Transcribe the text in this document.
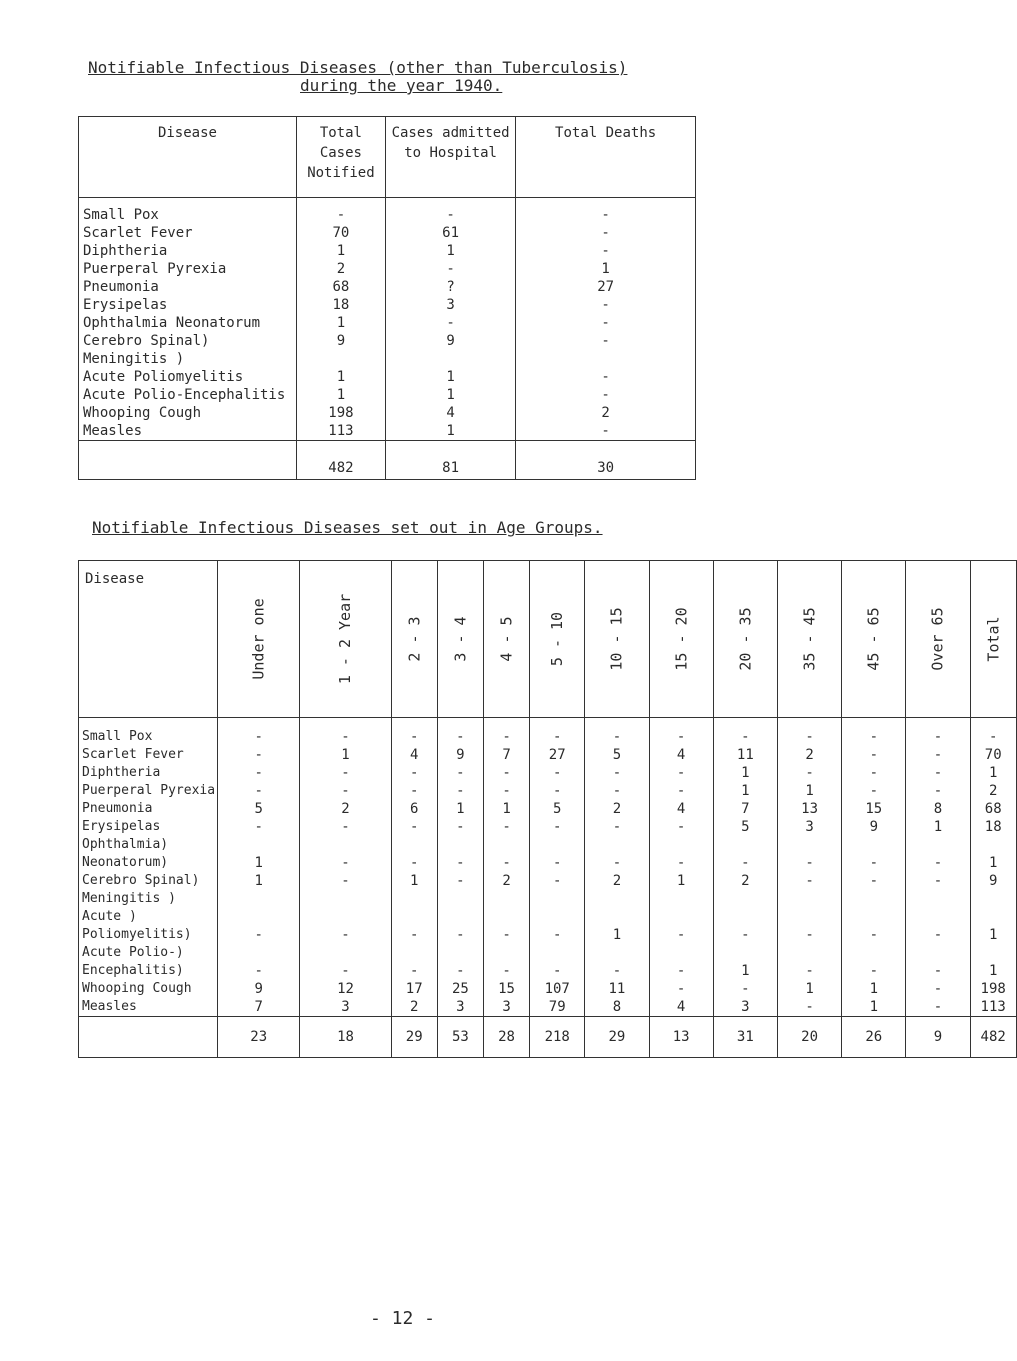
Notifiable Infectious Diseases (other than Tuberculosis)
during the year 1940.
Disease	Total Cases Notified	Cases admitted to Hospital	Total Deaths

Small Pox	-	-	-
Scarlet Fever	70	61	-
Diphtheria	1	1	-
Puerperal Pyrexia	2	-	1
Pneumonia	68	?	27
Erysipelas	18	3	-
Ophthalmia Neonatorum	1	-	-
Cerebro Spinal)	9	9	-
Meningitis )			
Acute Poliomyelitis	1	1	-
Acute Polio-Encephalitis	1	1	-
Whooping Cough	198	4	2
Measles	113	1	-
	482	81	30
Notifiable Infectious Diseases set out in Age Groups.
Disease	Under one	1 - 2 Year	2 - 3	3 - 4	4 - 5	5 - 10	10 - 15	15 - 20	20 - 35	35 - 45	45 - 65	Over 65	Total

Small Pox	-	-	-	-	-	-	-	-	-	-	-	-	-
Scarlet Fever	-	1	4	9	7	27	5	4	11	2	-	-	70
Diphtheria	-	-	-	-	-	-	-	-	1	-	-	-	1
Puerperal Pyrexia	-	-	-	-	-	-	-	-	1	1	-	-	2
Pneumonia	5	2	6	1	1	5	2	4	7	13	15	8	68
Erysipelas	-	-	-	-	-	-	-	-	5	3	9	1	18
Ophthalmia)													
Neonatorum)	1	-	-	-	-	-	-	-	-	-	-	-	1
Cerebro Spinal)	1	-	1	-	2	-	2	1	2	-	-	-	9
Meningitis )													
Acute )													
Poliomyelitis)	-	-	-	-	-	-	1	-	-	-	-	-	1
Acute Polio-)													
Encephalitis)	-	-	-	-	-	-	-	-	1	-	-	-	1
Whooping Cough	9	12	17	25	15	107	11	-	-	1	1	-	198
Measles	7	3	2	3	3	79	8	4	3	-	1	-	113
	23	18	29	53	28	218	29	13	31	20	26	9	482
- 12 -
